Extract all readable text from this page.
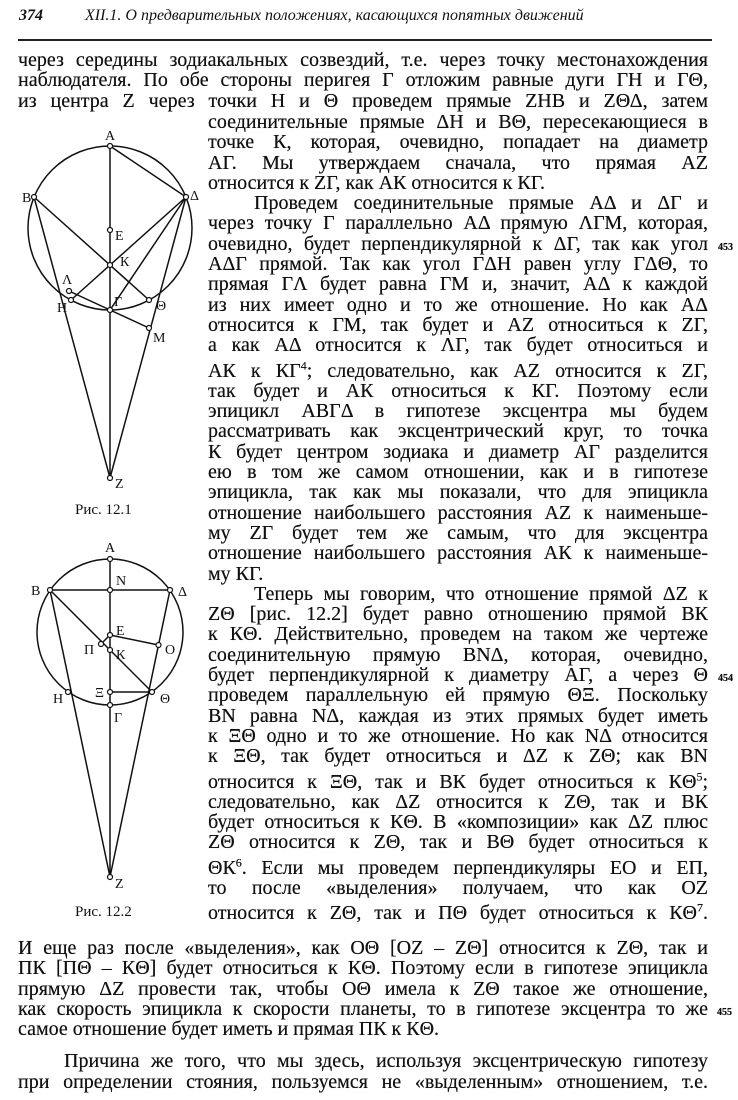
374	XII.1. О предварительных положениях, касающихся попятных движений
через середины зодиакальных созвездий, т.е. через точку местонахождения
наблюдателя. По обе стороны перигея Г отложим равные дуги ГН и ГΘ,
из центра Z через точки Н и Θ проведем прямые ZНВ и ZΘΔ, затем
соединительные прямые ΔН и ВΘ, пересекающиеся в
точке К, которая, очевидно, попадает на диаметр
АГ. Мы утверждаем сначала, что прямая АZ
относится к ZГ, как АК относится к КГ.
Проведем соединительные прямые АΔ и ΔГ и
через точку Г параллельно АΔ прямую ΛГМ, которая,
очевидно, будет перпендикулярной к ΔГ, так как угол 453
АΔГ прямой. Так как угол ГΔН равен углу ГΔΘ, то
прямая ГΛ будет равна ГМ и, значит, АΔ к каждой
из них имеет одно и то же отношение. Но как АΔ
относится к ГМ, так будет и АZ относиться к ZГ,
а как АΔ относится к ΛГ, так будет относиться и
АК к $КГ^4$; следовательно, как АZ относится к ZГ,
так будет и АК относиться к КГ. Поэтому если
эпицикл АВГΔ в гипотезе эксцентра мы будем
рассматривать как эксцентрический круг, то точка
К будет центром зодиака и диаметр АГ разделится
ею в том же самом отношении, как и в гипотезе
эпицикла, так как мы показали, что для эпицикла
отношение наибольшего расстояния АZ к наименьше-
му ZГ будет тем же самым, что для эксцентра
отношение наибольшего расстояния АК к наименьше-
му КГ.
Теперь мы говорим, что отношение прямой ΔZ к
ZΘ [рис. 12.2] будет равно отношению прямой ВК
к КΘ. Действительно, проведем на таком же чертеже
соединительную прямую ВNΔ, которая, очевидно,
будет перпендикулярной к диаметру АГ, а через Θ 454
проведем параллельную ей прямую ΘΞ. Поскольку
ВN равна NΔ, каждая из этих прямых будет иметь
к ΞΘ одно и то же отношение. Но как NΔ относится
к ΞΘ, так будет относиться и ΔZ к ZΘ; как ВN
относится к ΞΘ, так и ВК будет относиться к $К\Theta^5$;
следовательно, как ΔZ относится к ZΘ, так и ВК
будет относиться к КΘ. В «композиции» как ΔZ плюс
ZΘ относится к ZΘ, так и ВΘ будет относиться к
$\Theta К^6$. Если мы проведем перпендикуляры ЕО и ЕП,
то после «выделения» получаем, что как ОZ
относится к ZΘ, так и ПΘ будет относиться к $К\Theta^7$.
И еще раз после «выделения», как ОΘ [ОZ – ZΘ] относится к ZΘ, так и
ПК [ПΘ – КΘ] будет относиться к КΘ. Поэтому если в гипотезе эпицикла
прямую ΔZ провести так, чтобы ОΘ имела к ZΘ такое же отношение,
как скорость эпицикла к скорости планеты, то в гипотезе эксцентра то же 455
самое отношение будет иметь и прямая ПК к КΘ.
Причина же того, что мы здесь, используя эксцентрическую гипотезу
при определении стояния, пользуемся не «выделенным» отношением, т.е.
А
В	Δ
Е
К
Λ
Н	Г Θ
М
Z
Рис. 12.1
А
N
В	Δ
Е
П К	О
Н Ξ	Θ
Г
Z
Рис. 12.2
